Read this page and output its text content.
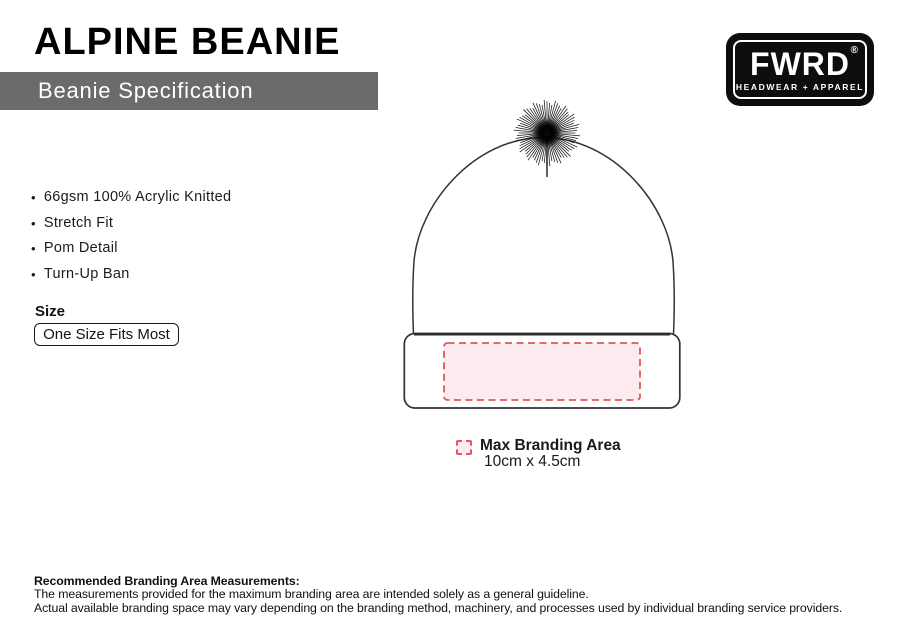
ALPINE BEANIE
Beanie Specification
FWRD
HEADWEAR + APPAREL
®
• 66gsm 100% Acrylic Knitted
• Stretch Fit
• Pom Detail
• Turn-Up Ban
Size
One Size Fits Most
Max Branding Area
10cm x 4.5cm
Recommended Branding Area Measurements:

The measurements provided for the maximum branding area are intended solely as a general guideline.

Actual available branding space may vary depending on the branding method, machinery, and processes used by individual branding service providers.
